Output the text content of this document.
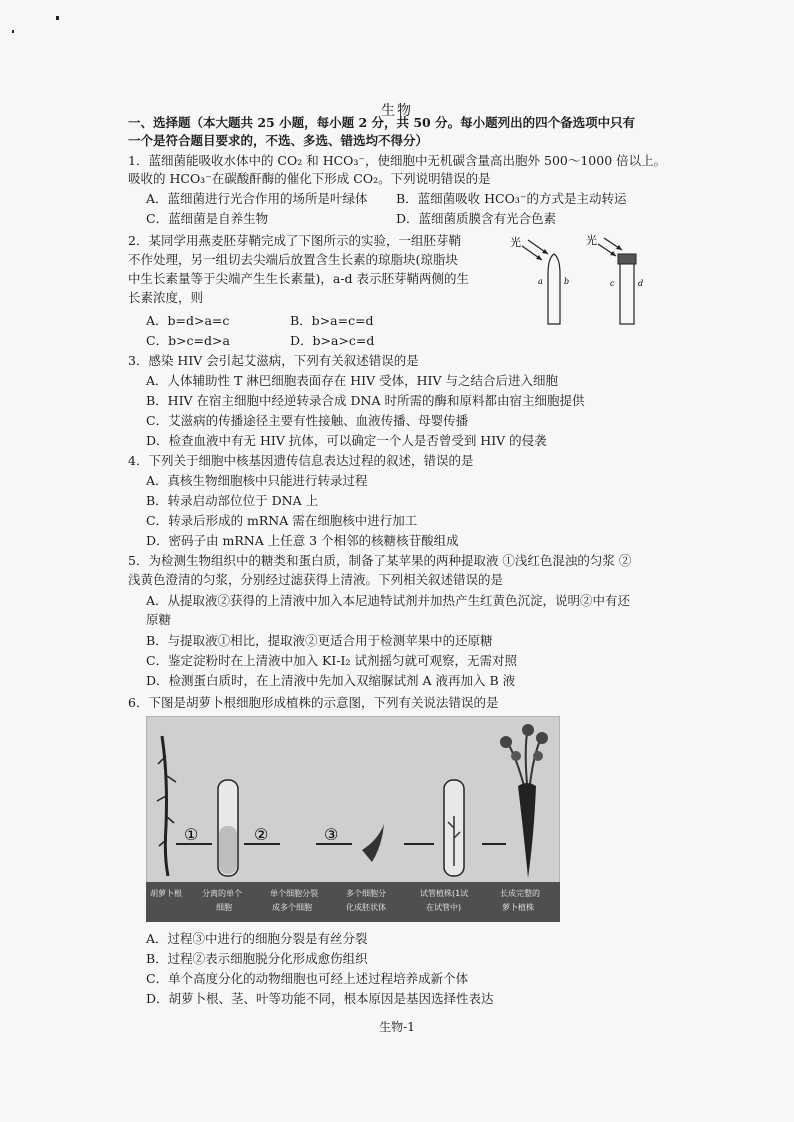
生物
一、选择题（本大题共 25 小题，每小题 2 分，共 50 分。每小题列出的四个备选项中只有
一个是符合题目要求的，不选、多选、错选均不得分）
1．蓝细菌能吸收水体中的 CO₂ 和 HCO₃⁻，使细胞中无机碳含量高出胞外 500～1000 倍以上。
吸收的 HCO₃⁻在碳酸酐酶的催化下形成 CO₂。下列说明错误的是
A．蓝细菌进行光合作用的场所是叶绿体 B．蓝细菌吸收 HCO₃⁻的方式是主动转运
C．蓝细菌是自养生物	D．蓝细菌质膜含有光合色素
2．某同学用燕麦胚芽鞘完成了下图所示的实验，一组胚芽鞘
不作处理，另一组切去尖端后放置含生长素的琼脂块(琼脂块
中生长素量等于尖端产生生长素量)，a-d 表示胚芽鞘两侧的生
长素浓度，则
A．b=d>a=c	B．b>a=c=d
C．b>c=d>a	D．b>a>c=d
光
a	b
光
c	d
3．感染 HIV 会引起艾滋病，下列有关叙述错误的是
A．人体辅助性 T 淋巴细胞表面存在 HIV 受体，HIV 与之结合后进入细胞
B．HIV 在宿主细胞中经逆转录合成 DNA 时所需的酶和原料都由宿主细胞提供
C．艾滋病的传播途径主要有性接触、血液传播、母婴传播
D．检查血液中有无 HIV 抗体，可以确定一个人是否曾受到 HIV 的侵袭
4．下列关于细胞中核基因遗传信息表达过程的叙述，错误的是
A．真核生物细胞核中只能进行转录过程
B．转录启动部位位于 DNA 上
C．转录后形成的 mRNA 需在细胞核中进行加工
D．密码子由 mRNA 上任意 3 个相邻的核糖核苷酸组成
5．为检测生物组织中的糖类和蛋白质，制备了某苹果的两种提取液 ①浅红色混浊的匀浆 ②
浅黄色澄清的匀浆，分别经过滤获得上清液。下列相关叙述错误的是
A．从提取液②获得的上清液中加入本尼迪特试剂并加热产生红黄色沉淀，说明②中有还
原糖
B．与提取液①相比，提取液②更适合用于检测苹果中的还原糖
C．鉴定淀粉时在上清液中加入 KI-I₂ 试剂摇匀就可观察，无需对照
D．检测蛋白质时，在上清液中先加入双缩脲试剂 A 液再加入 B 液
6．下图是胡萝卜根细胞形成植株的示意图，下列有关说法错误的是
①	②	③
胡萝卜根	分离的单个
细胞
单个细胞分裂
成多个细胞
多个细胞分
化成胚状体
试管植株(1试
在试管中)
长成完整的
萝卜植株
A．过程③中进行的细胞分裂是有丝分裂
B．过程②表示细胞脱分化形成愈伤组织
C．单个高度分化的动物细胞也可经上述过程培养成新个体
D．胡萝卜根、茎、叶等功能不同，根本原因是基因选择性表达
生物-1
